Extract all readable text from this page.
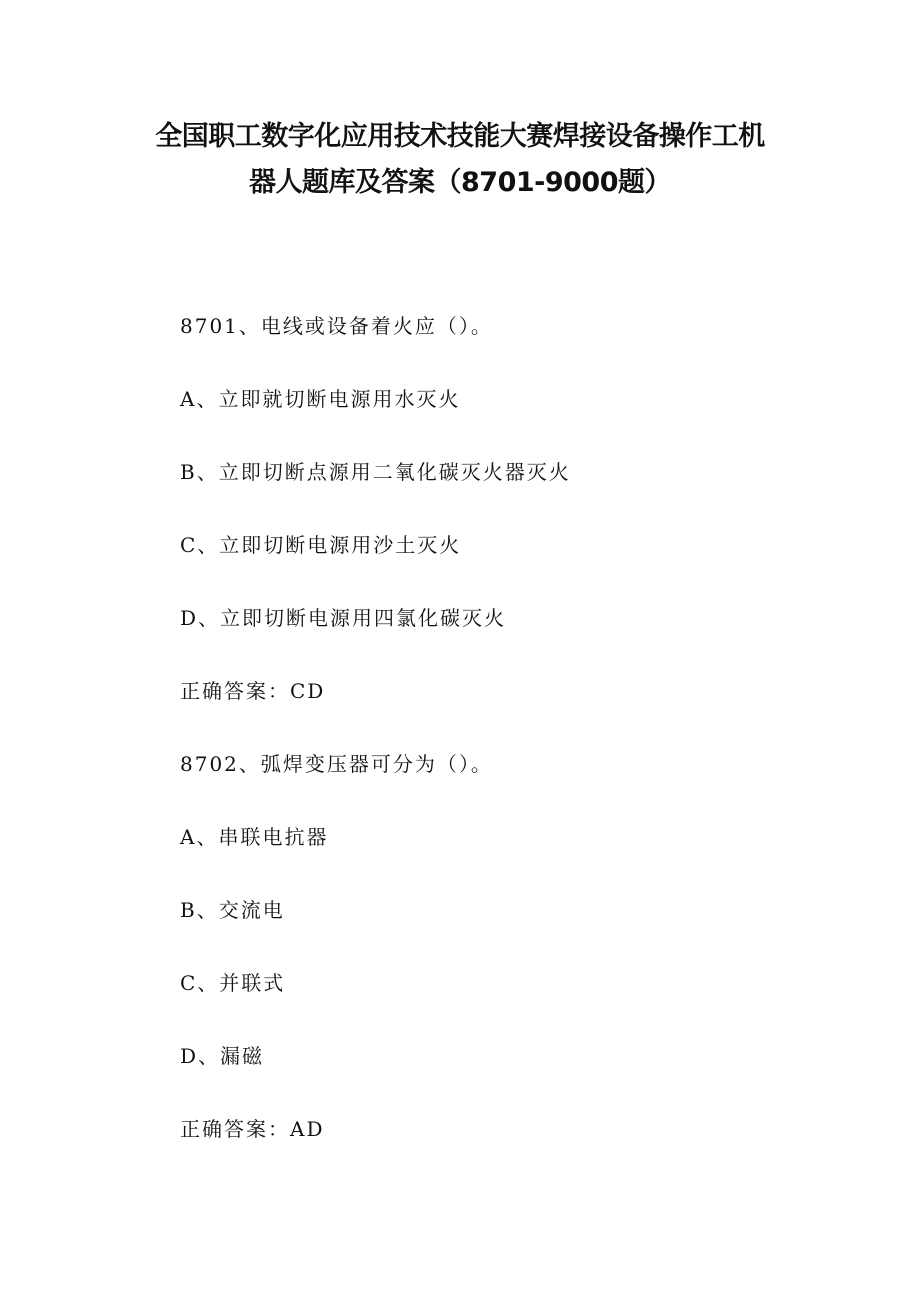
全国职工数字化应用技术技能大赛焊接设备操作工机
器人题库及答案（8701-9000题）
8701、电线或设备着火应（）。
A、立即就切断电源用水灭火
B、立即切断点源用二氧化碳灭火器灭火
C、立即切断电源用沙土灭火
D、立即切断电源用四氯化碳灭火
正确答案：CD
8702、弧焊变压器可分为（）。
A、串联电抗器
B、交流电
C、并联式
D、漏磁
正确答案：AD
